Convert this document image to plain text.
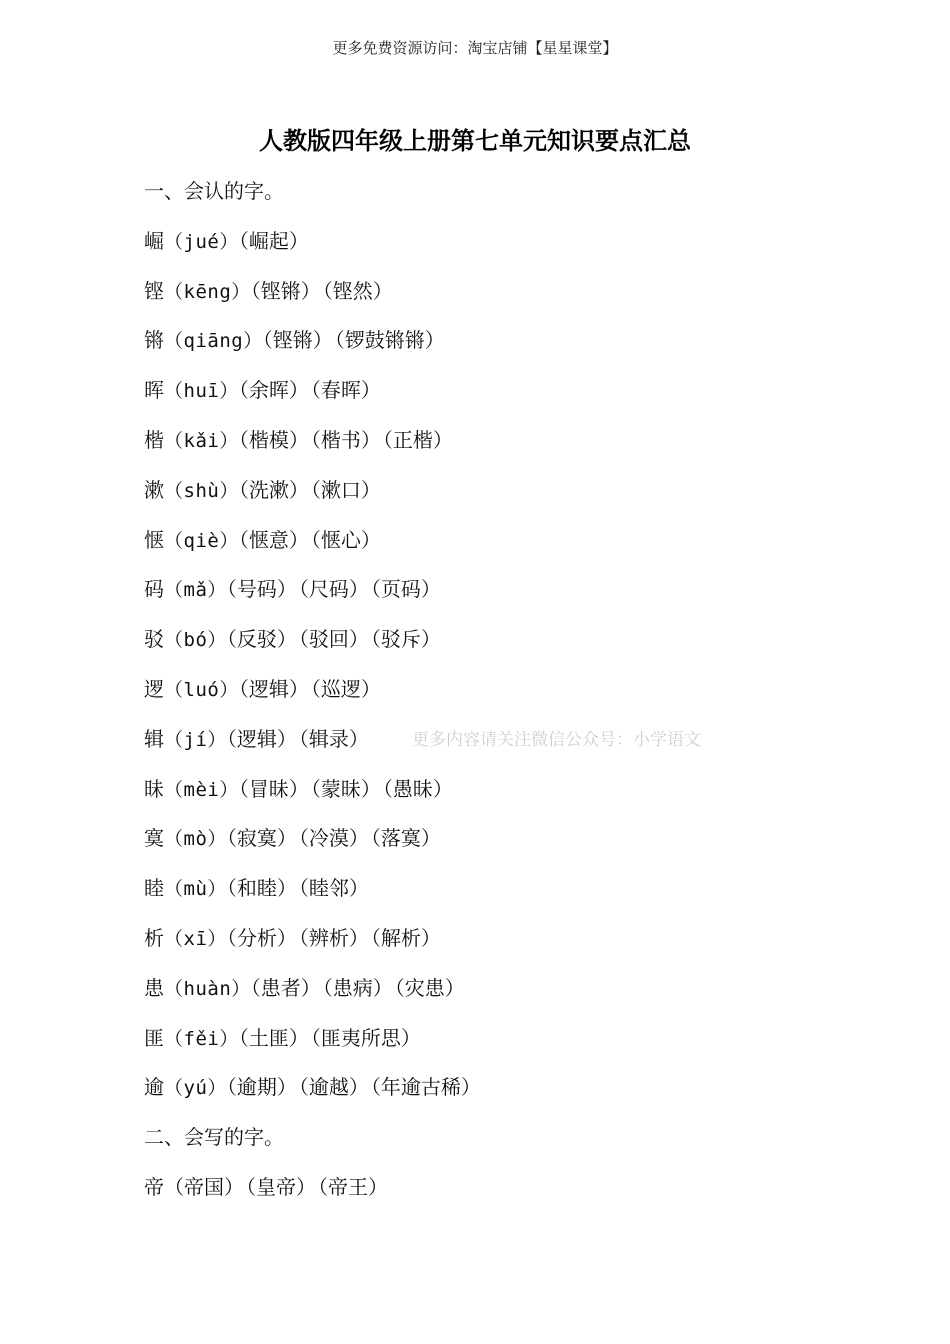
更多免费资源访问：淘宝店铺【星星课堂】
人教版四年级上册第七单元知识要点汇总
一、会认的字。
崛（jué）（崛起）
铿（kēng）（铿锵） （铿然）
锵（qiāng）（铿锵） （锣鼓锵锵）
晖（huī）（余晖） （春晖）
楷（kǎi）（楷模） （楷书） （正楷）
漱（shù）（洗漱） （漱口）
惬（qiè）（惬意） （惬心）
码（mǎ）（号码） （尺码） （页码）
驳（bó）（反驳） （驳回） （驳斥）
逻（luó）（逻辑） （巡逻）
辑（jí）（逻辑） （辑录）
昧（mèi）（冒昧） （蒙昧） （愚昧）
寞（mò）（寂寞） （冷漠） （落寞）
睦（mù）（和睦） （睦邻）
析（xī）（分析） （辨析） （解析）
患（huàn）（患者） （患病） （灾患）
匪（fěi）（土匪） （匪夷所思）
逾（yú）（逾期） （逾越） （年逾古稀）
二、会写的字。
帝（帝国） （皇帝） （帝王）
更多内容请关注微信公众号：小学语文
